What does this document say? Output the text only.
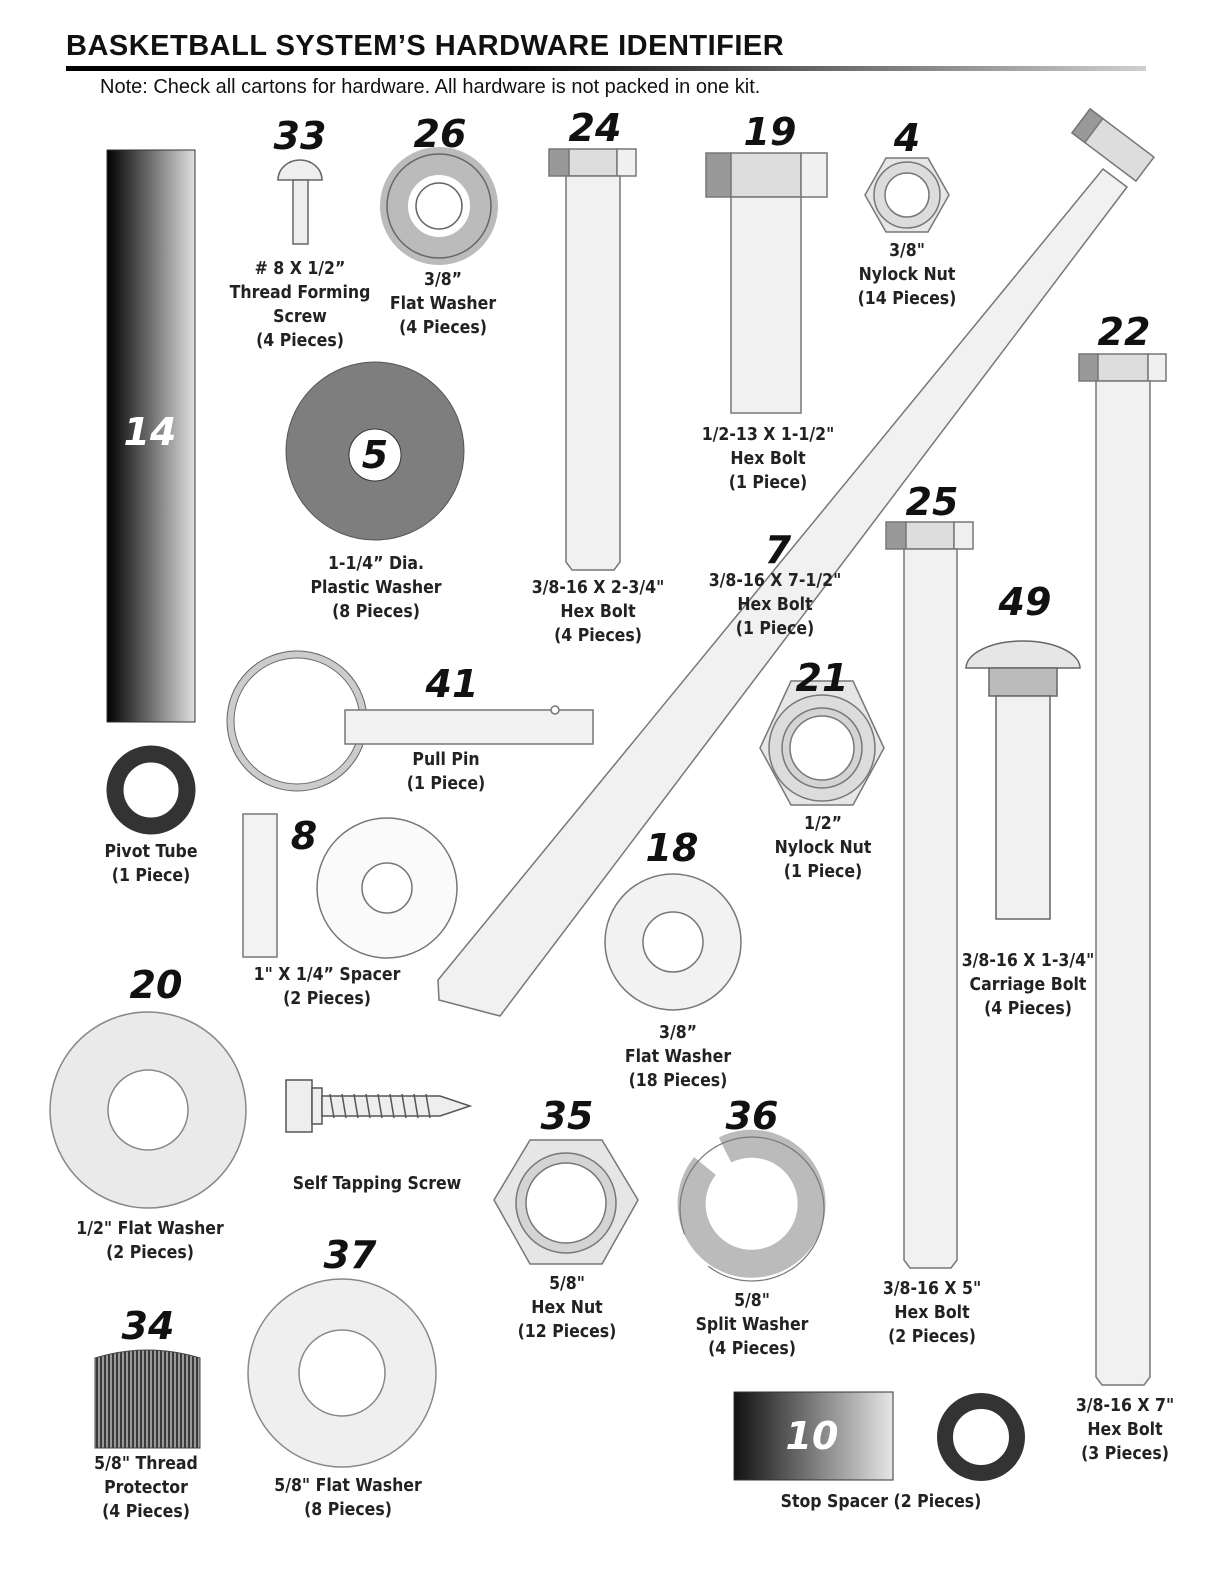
BASKETBALL SYSTEM’S HARDWARE IDENTIFIER
Note: Check all cartons for hardware. All hardware is not packed in one kit.
33 26	24	19	4
22
14
5
7
25
49
41	21
8	18
20
35	36
37
34
10
# 8 X 1/2”
Thread Forming
Screw
(4 Pieces)
3/8”
Flat Washer
(4 Pieces)
3/8"
Nylock Nut
(14 Pieces)
1/2-13 X 1-1/2"
Hex Bolt
(1 Piece)
1-1/4” Dia.
Plastic Washer
(8 Pieces)
3/8-16 X 2-3/4"
Hex Bolt
(4 Pieces)
3/8-16 X 7-1/2"
Hex Bolt
(1 Piece)
Pull Pin
(1 Piece)
Pivot Tube
(1 Piece)
1/2”
Nylock Nut
(1 Piece)
3/8-16 X 1-3/4"
Carriage Bolt
(4 Pieces)
1" X 1/4” Spacer
(2 Pieces)
3/8”
Flat Washer
(18 Pieces)
Self Tapping Screw
1/2" Flat Washer
(2 Pieces)
5/8"
Hex Nut
(12 Pieces)
5/8"
Split Washer
(4 Pieces)
3/8-16 X 5"
Hex Bolt
(2 Pieces)
3/8-16 X 7"
Hex Bolt
(3 Pieces)
5/8" Thread
Protector
(4 Pieces)
5/8" Flat Washer
(8 Pieces)	Stop Spacer (2 Pieces)
